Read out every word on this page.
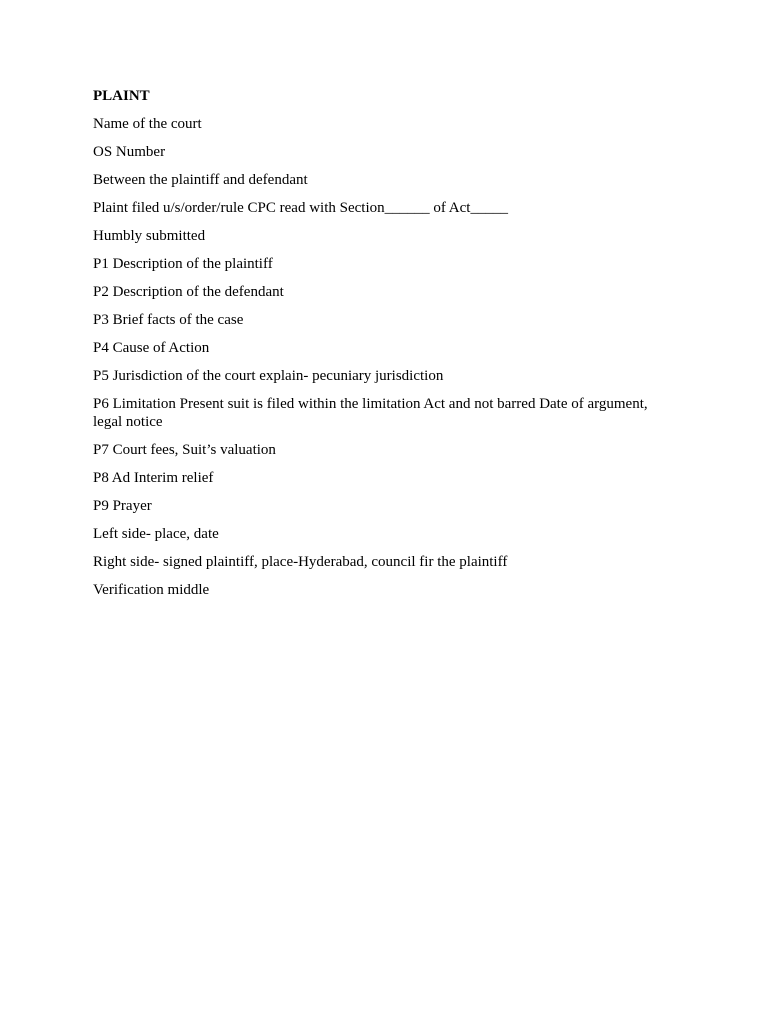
PLAINT
Name of the court
OS Number
Between the plaintiff and defendant
Plaint filed u/s/order/rule CPC read with Section______ of Act_____
Humbly submitted
P1 Description of the plaintiff
P2 Description of the defendant
P3 Brief facts of the case
P4 Cause of Action
P5 Jurisdiction of the court explain- pecuniary jurisdiction
P6 Limitation Present suit is filed within the limitation Act and not barred Date of argument, legal notice
P7 Court fees, Suit’s valuation
P8 Ad Interim relief
P9 Prayer
Left side- place, date
Right side- signed plaintiff, place-Hyderabad, council fir the plaintiff
Verification middle
